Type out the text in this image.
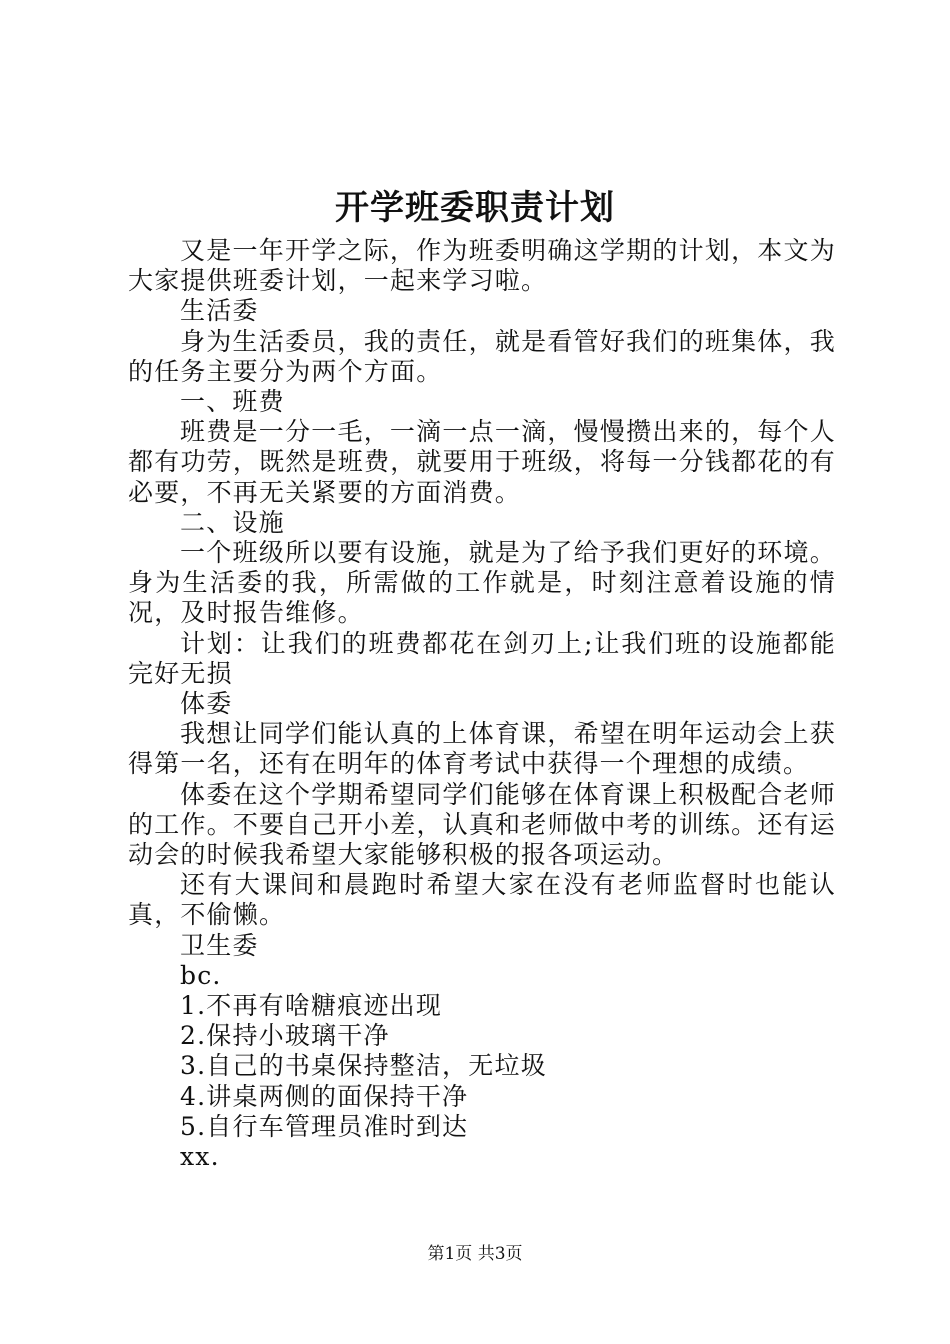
开学班委职责计划

又是一年开学之际，作为班委明确这学期的计划，本文为大家提供班委计划，一起来学习啦。

生活委

身为生活委员，我的责任，就是看管好我们的班集体，我的任务主要分为两个方面。

一、班费

班费是一分一毛，一滴一点一滴，慢慢攒出来的，每个人都有功劳，既然是班费，就要用于班级，将每一分钱都花的有必要，不再无关紧要的方面消费。

二、设施

一个班级所以要有设施，就是为了给予我们更好的环境。身为生活委的我，所需做的工作就是，时刻注意着设施的情况，及时报告维修。

计划：让我们的班费都花在剑刃上;让我们班的设施都能完好无损

体委

我想让同学们能认真的上体育课，希望在明年运动会上获得第一名，还有在明年的体育考试中获得一个理想的成绩。

体委在这个学期希望同学们能够在体育课上积极配合老师的工作。不要自己开小差，认真和老师做中考的训练。还有运动会的时候我希望大家能够积极的报各项运动。

还有大课间和晨跑时希望大家在没有老师监督时也能认真，不偷懒。

卫生委

bc.

1.不再有啥糖痕迹出现

2.保持小玻璃干净

3.自己的书桌保持整洁，无垃圾

4.讲桌两侧的面保持干净

5.自行车管理员准时到达

xx.

第1页 共3页
